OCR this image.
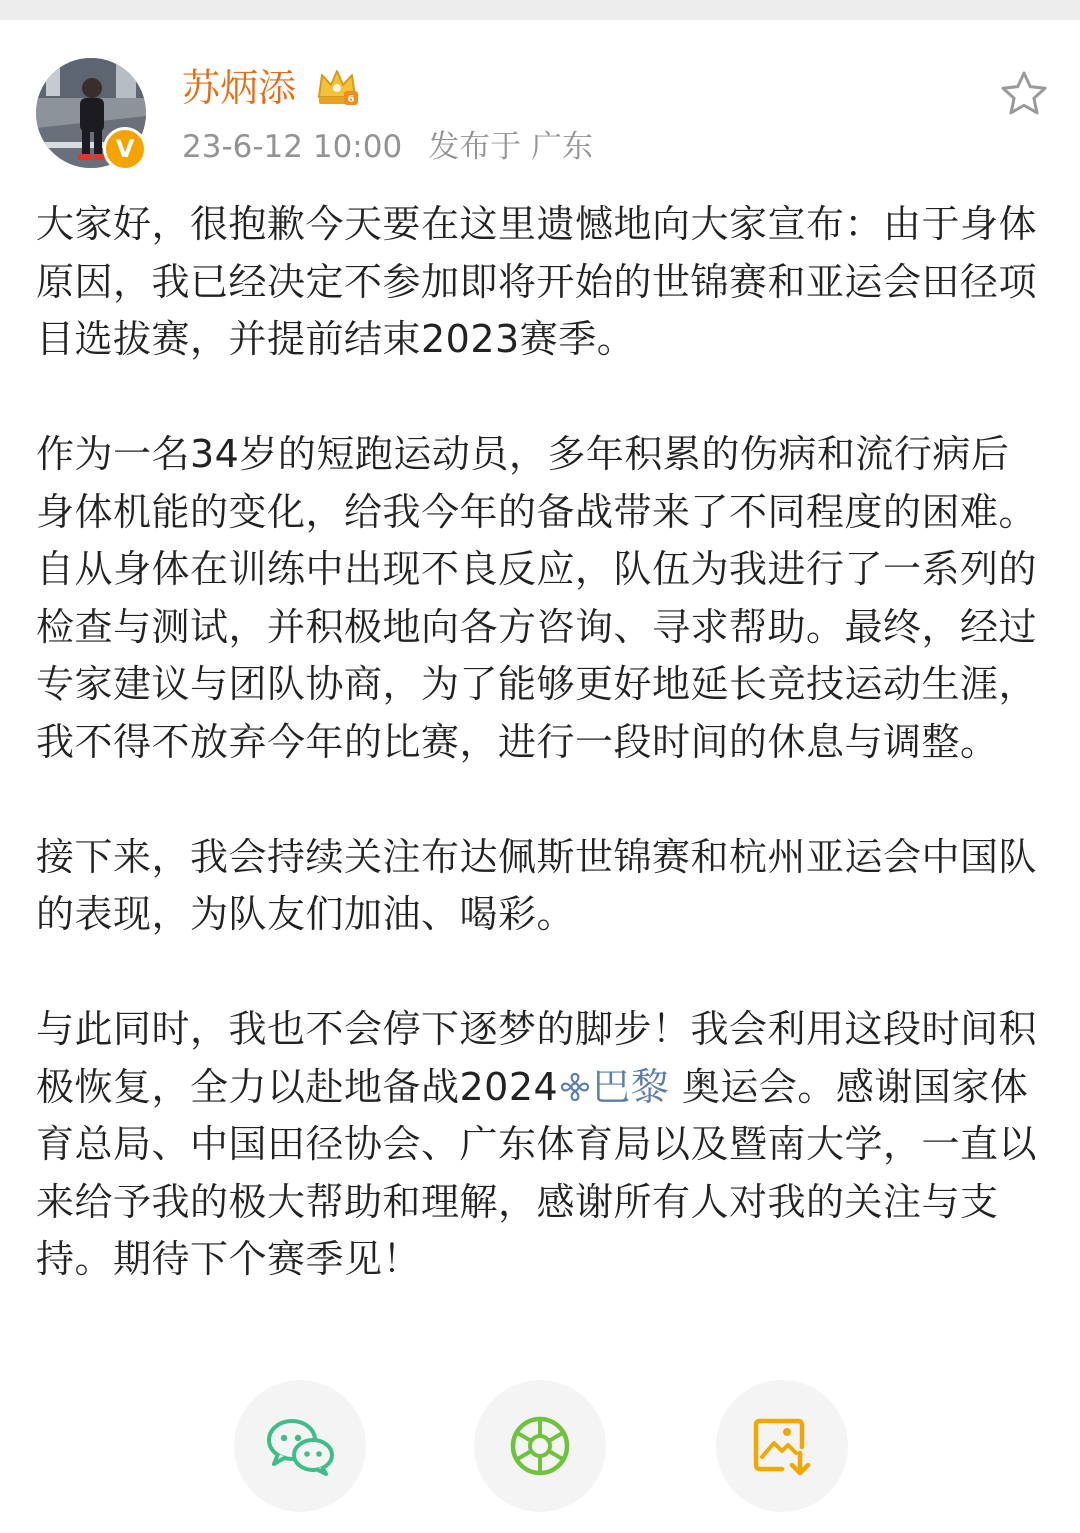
V
苏炳添	6
23-6-12 10:00 发布于 广东

大家好，很抱歉今天要在这里遗憾地向大家宣布：由于身体原因，我已经决定不参加即将开始的世锦赛和亚运会田径项目选拔赛，并提前结束2023赛季。

作为一名34岁的短跑运动员，多年积累的伤病和流行病后身体机能的变化，给我今年的备战带来了不同程度的困难。自从身体在训练中出现不良反应，队伍为我进行了一系列的检查与测试，并积极地向各方咨询、寻求帮助。最终，经过专家建议与团队协商，为了能够更好地延长竞技运动生涯，我不得不放弃今年的比赛，进行一段时间的休息与调整。

接下来，我会持续关注布达佩斯世锦赛和杭州亚运会中国队的表现，为队友们加油、喝彩。

与此同时，我也不会停下逐梦的脚步！我会利用这段时间积极恢复，全力以赴地备战2024 巴黎 奥运会。感谢国家体育总局、中国田径协会、广东体育局以及暨南大学，一直以来给予我的极大帮助和理解，感谢所有人对我的关注与支持。期待下个赛季见！
